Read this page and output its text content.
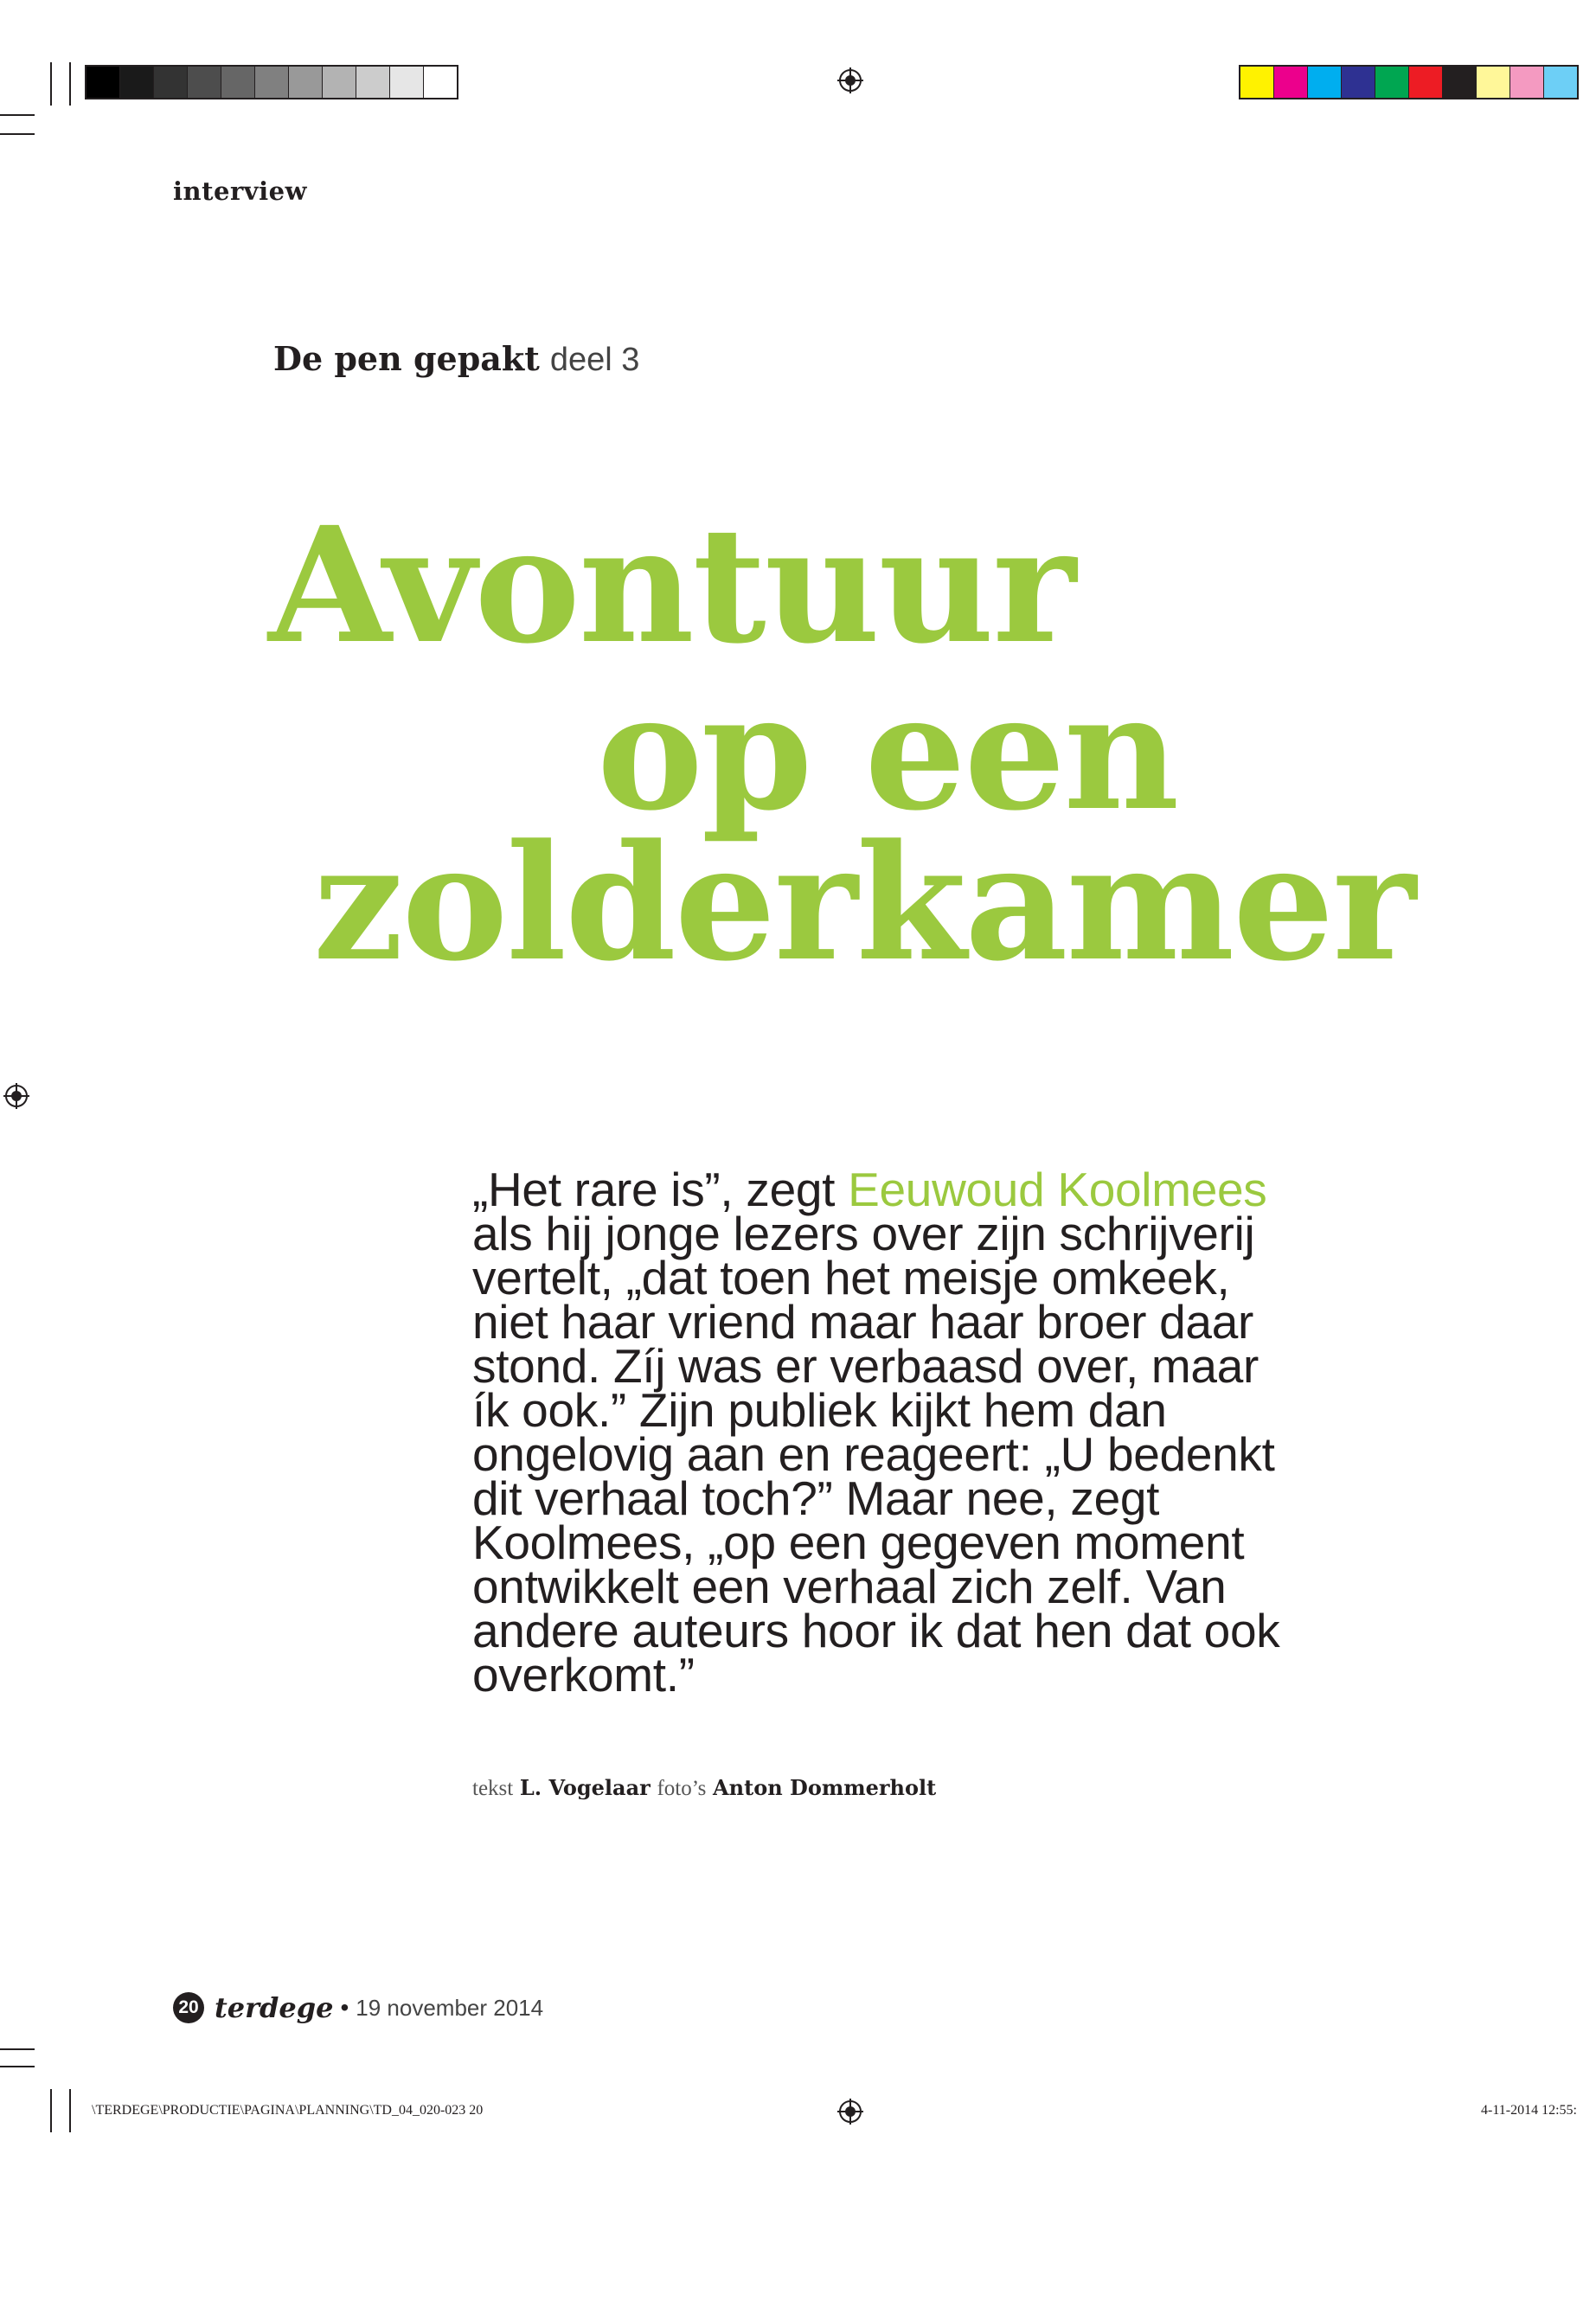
interview
De pen gepakt deel 3
Avontuur
op een
zolderkamer
„Het rare is”, zegt Eeuwoud Koolmees
als hij jonge lezers over zijn schrijverij
vertelt, „dat toen het meisje omkeek,
niet haar vriend maar haar broer daar
stond. Zíj was er verbaasd over, maar
ík ook.” Zijn publiek kijkt hem dan
ongelovig aan en reageert: „U bedenkt
dit verhaal toch?” Maar nee, zegt
Koolmees, „op een gegeven moment
ontwikkelt een verhaal zich zelf. Van
andere auteurs hoor ik dat hen dat ook
overkomt.”
tekst L. Vogelaar foto’s Anton Dommerholt
20 terdege • 19 november 2014
\TERDEGE\PRODUCTIE\PAGINA\PLANNING\TD_04_020-023 20	4-11-2014 12:55:
